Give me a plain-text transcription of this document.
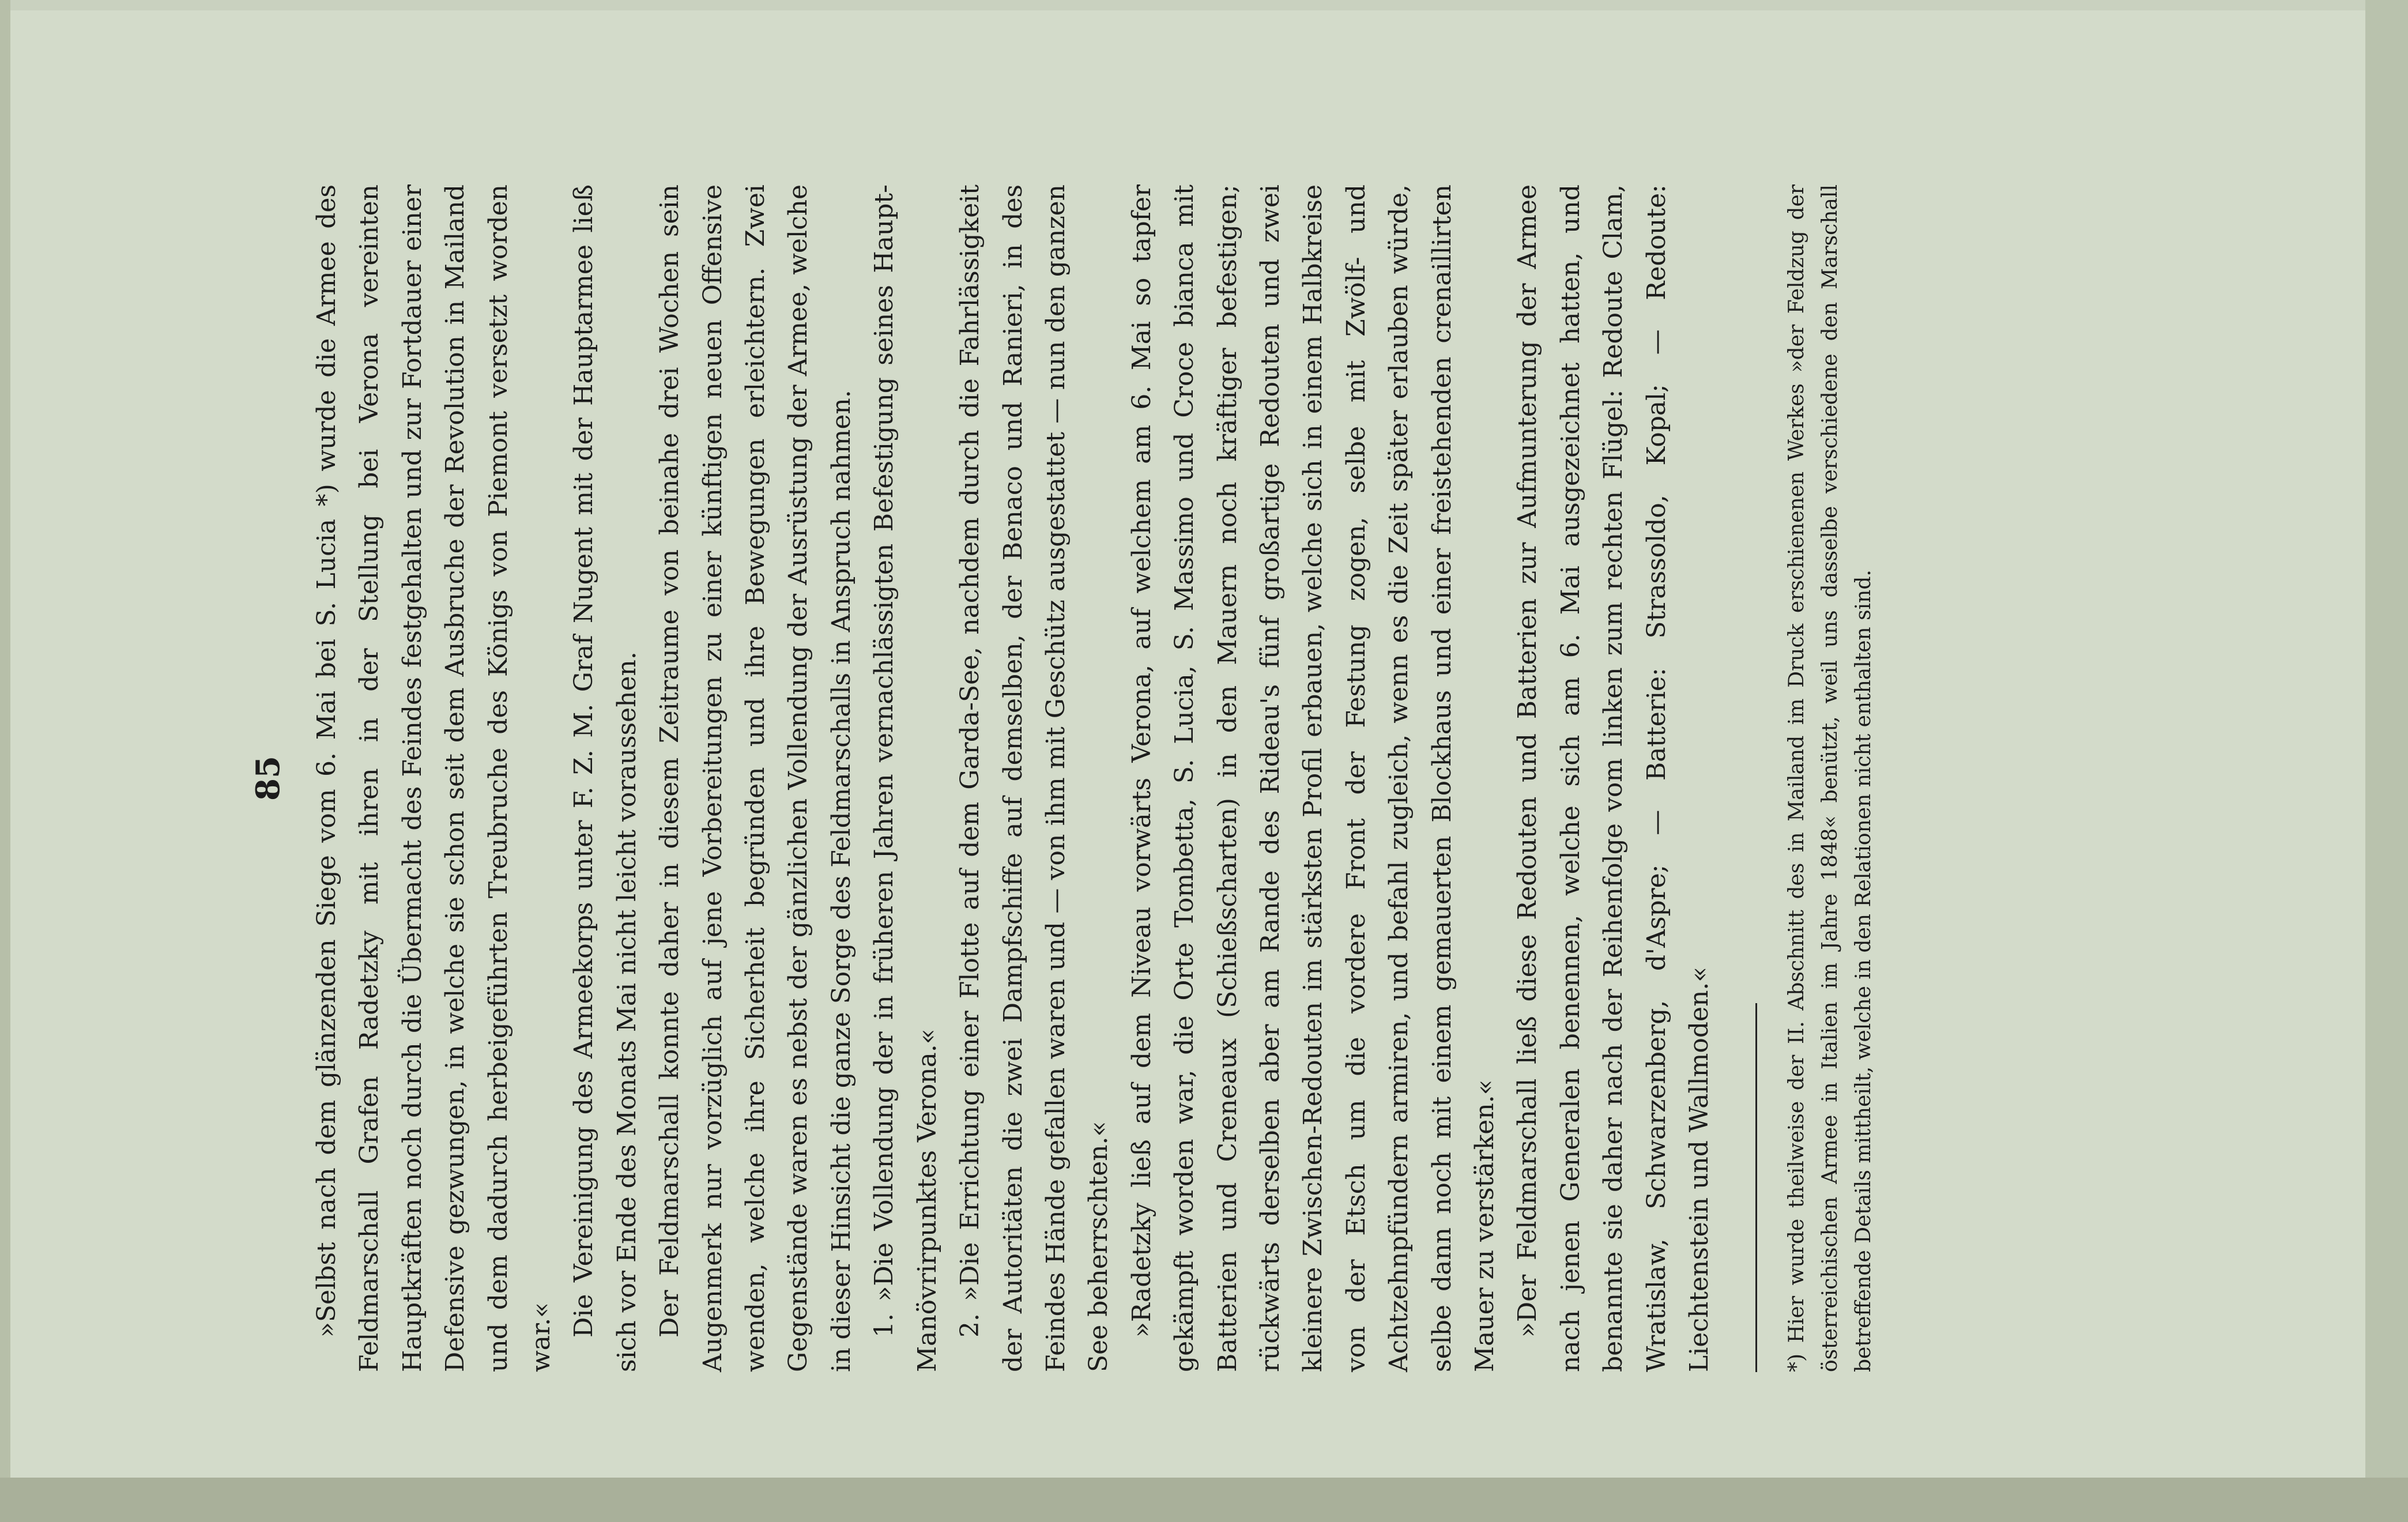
85 »Selbst nach dem glänzenden Siege vom 6. Mai bei S. Lucia *) wurde die Armee des Feldmarschall Grafen Radetzky mit ihren in der Stellung bei Verona vereinten Hauptkräften noch durch die Übermacht des Feindes festgehalten und zur Fortdauer einer Defensive gezwungen, in welche sie schon seit dem Ausbruche der Revolution in Mailand und dem dadurch herbeigeführten Treubruche des Königs von Piemont versetzt worden war.« Die Vereinigung des Armeekorps unter F. Z. M. Graf Nugent mit der Hauptarmee ließ sich vor Ende des Monats Mai nicht leicht voraussehen. Der Feldmarschall konnte daher in diesem Zeitraume von beinahe drei Wochen sein Augenmerk nur vorzüglich auf jene Vorbereitungen zu einer künftigen neuen Offensive wenden, welche ihre Sicherheit begründen und ihre Bewegungen erleichtern. Zwei Gegenstände waren es nebst der gänzlichen Vollendung der Ausrüstung der Armee, welche in dieser Hinsicht die ganze Sorge des Feldmarschalls in Anspruch nahmen. 1. »Die Vollendung der in früheren Jahren vernachlässigten Befestigung seines Haupt-Manövrirpunktes Verona.« 2. »Die Errichtung einer Flotte auf dem Garda-See, nachdem durch die Fahrlässigkeit der Autoritäten die zwei Dampfschiffe auf demselben, der Benaco und Ranieri, in des Feindes Hände gefallen waren und — von ihm mit Geschütz ausgestattet — nun den ganzen See beherrschten.« »Radetzky ließ auf dem Niveau vorwärts Verona, auf welchem am 6. Mai so tapfer gekämpft worden war, die Orte Tombetta, S. Lucia, S. Massimo und Croce bianca mit Batterien und Creneaux (Schießscharten) in den Mauern noch kräftiger befestigen; rückwärts derselben aber am Rande des Rideau's fünf großartige Redouten und zwei kleinere Zwischen-Redouten im stärksten Profil erbauen, welche sich in einem Halbkreise von der Etsch um die vordere Front der Festung zogen, selbe mit Zwölf- und Achtzehnpfündern armiren, und befahl zugleich, wenn es die Zeit später erlauben würde, selbe dann noch mit einem gemauerten Blockhaus und einer freistehenden crenaillirten Mauer zu verstärken.« »Der Feldmarschall ließ diese Redouten und Batterien zur Aufmunterung der Armee nach jenen Generalen benennen, welche sich am 6. Mai ausgezeichnet hatten, und benannte sie daher nach der Reihenfolge vom linken zum rechten Flügel: Redoute Clam, Wratislaw, Schwarzenberg, d'Aspre; — Batterie: Strassoldo, Kopal; — Redoute: Liechtenstein und Wallmoden.«	*) Hier wurde theilweise der II. Abschnitt des in Mailand im Druck erschienenen Werkes »der Feldzug der österreichischen Armee in Italien im Jahre 1848« benützt, weil uns dasselbe verschiedene den Marschall betreffende Details mittheilt, welche in den Relationen nicht enthalten sind.
